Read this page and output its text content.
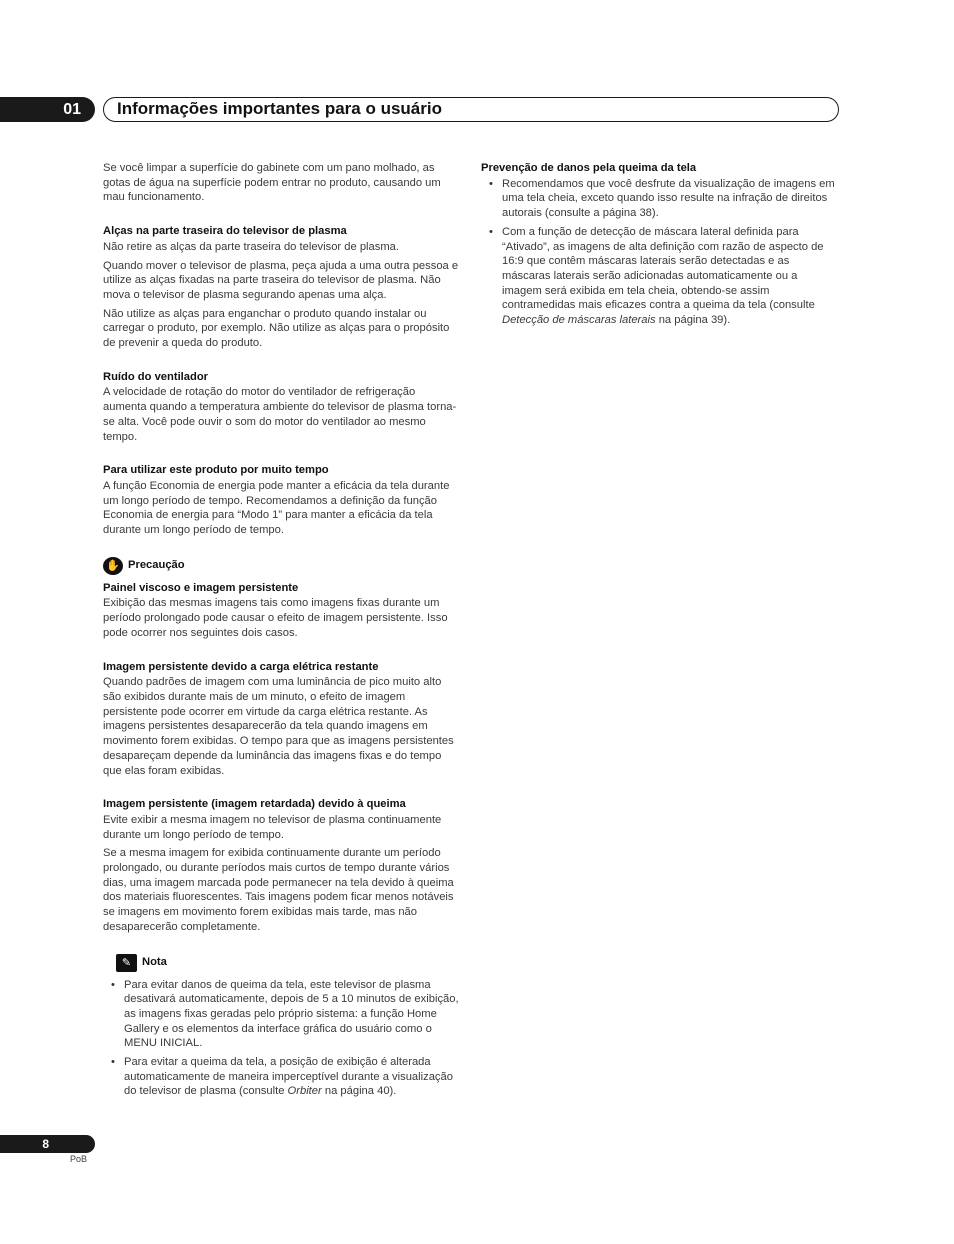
01	Informações importantes para o usuário

Se você limpar a superfície do gabinete com um pano molhado, as gotas de água na superfície podem entrar no produto, causando um mau funcionamento.

Alças na parte traseira do televisor de plasma

Não retire as alças da parte traseira do televisor de plasma.

Quando mover o televisor de plasma, peça ajuda a uma outra pessoa e utilize as alças fixadas na parte traseira do televisor de plasma. Não mova o televisor de plasma segurando apenas uma alça.

Não utilize as alças para enganchar o produto quando instalar ou carregar o produto, por exemplo. Não utilize as alças para o propósito de prevenir a queda do produto.

Ruído do ventilador

A velocidade de rotação do motor do ventilador de refrigeração aumenta quando a temperatura ambiente do televisor de plasma torna-se alta. Você pode ouvir o som do motor do ventilador ao mesmo tempo.

Para utilizar este produto por muito tempo

A função Economia de energia pode manter a eficácia da tela durante um longo período de tempo. Recomendamos a definição da função Economia de energia para “Modo 1” para manter a eficácia da tela durante um longo período de tempo.

✋ Precaução
Painel viscoso e imagem persistente

Exibição das mesmas imagens tais como imagens fixas durante um período prolongado pode causar o efeito de imagem persistente. Isso pode ocorrer nos seguintes dois casos.

Imagem persistente devido a carga elétrica restante

Quando padrões de imagem com uma luminância de pico muito alto são exibidos durante mais de um minuto, o efeito de imagem persistente pode ocorrer em virtude da carga elétrica restante. As imagens persistentes desaparecerão da tela quando imagens em movimento forem exibidas. O tempo para que as imagens persistentes desapareçam depende da luminância das imagens fixas e do tempo que elas foram exibidas.

Imagem persistente (imagem retardada) devido à queima

Evite exibir a mesma imagem no televisor de plasma continuamente durante um longo período de tempo.

Se a mesma imagem for exibida continuamente durante um período prolongado, ou durante períodos mais curtos de tempo durante vários dias, uma imagem marcada pode permanecer na tela devido à queima dos materiais fluorescentes. Tais imagens podem ficar menos notáveis se imagens em movimento forem exibidas mais tarde, mas não desaparecerão completamente.

✎ Nota
• Para evitar danos de queima da tela, este televisor de plasma desativará automaticamente, depois de 5 a 10 minutos de exibição, as imagens fixas geradas pelo próprio sistema: a função Home Gallery e os elementos da interface gráfica do usuário como o MENU INICIAL.
• Para evitar a queima da tela, a posição de exibição é alterada automaticamente de maneira imperceptível durante a visualização do televisor de plasma (consulte Orbiter na página 40).
Prevenção de danos pela queima da tela
• Recomendamos que você desfrute da visualização de imagens em uma tela cheia, exceto quando isso resulte na infração de direitos autorais (consulte a página 38).
• Com a função de detecção de máscara lateral definida para “Ativado”, as imagens de alta definição com razão de aspecto de 16:9 que contêm máscaras laterais serão detectadas e as máscaras laterais serão adicionadas automaticamente ou a imagem será exibida em tela cheia, obtendo-se assim contramedidas mais eficazes contra a queima da tela (consulte Detecção de máscaras laterais na página 39).
8
PoB
